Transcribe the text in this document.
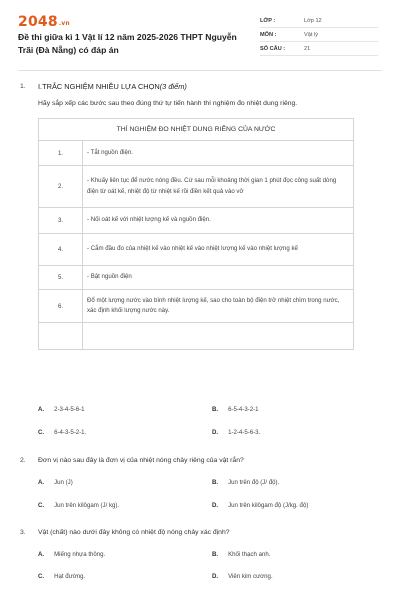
2048.vn
Đề thi giữa kì 1 Vật lí 12 năm 2025-2026 THPT Nguyễn Trãi (Đà Nẵng) có đáp án
LỚP :	Lớp 12
MÔN :	Vật lý
SỐ CÂU :	21
1. I.TRẮC NGHIỆM NHIỀU LỰA CHỌN(3 điểm)
Hãy sắp xếp các bước sau theo đúng thứ tự tiến hành thí nghiệm đo nhiệt dung riêng.
THÍ NGHIỆM ĐO NHIỆT DUNG RIÊNG CỦA NƯỚC	
1.	- Tắt nguồn điện.
2.	- Khuấy liên tục để nước nóng đều. Cứ sau mỗi khoảng thời gian 1 phút đọc công suất dòng điện từ oát kế, nhiệt độ từ nhiệt kế rồi điền kết quả vào vở
3.	- Nối oát kế với nhiệt lượng kế và nguồn điện.
4.	- Cắm đầu đo của nhiệt kế vào nhiệt kế vào nhiệt lượng kế vào nhiệt lượng kế
5.	- Bật nguồn điện
6.	Đổ một lượng nước vào bình nhiệt lượng kế, sao cho toàn bộ điện trở nhiệt chìm trong nước, xác định khối lượng nước này.

A. 2-3-4-5-6-1	B. 6-5-4-3-2-1
C. 6-4-3-5-2-1.	D. 1-2-4-5-6-3.
2. Đơn vị nào sau đây là đơn vị của nhiệt nóng chảy riêng của vật rắn?
A. Jun (J)	B. Jun trên độ (J/ độ).
C. Jun trên kilôgam (J/ kg).	D. Jun trên kilôgam độ (J/kg. độ)
3. Vật (chất) nào dưới đây không có nhiệt độ nóng chảy xác định?
A. Miếng nhựa thông.	B. Khối thạch anh.
C. Hạt đường.	D. Viên kim cương.
